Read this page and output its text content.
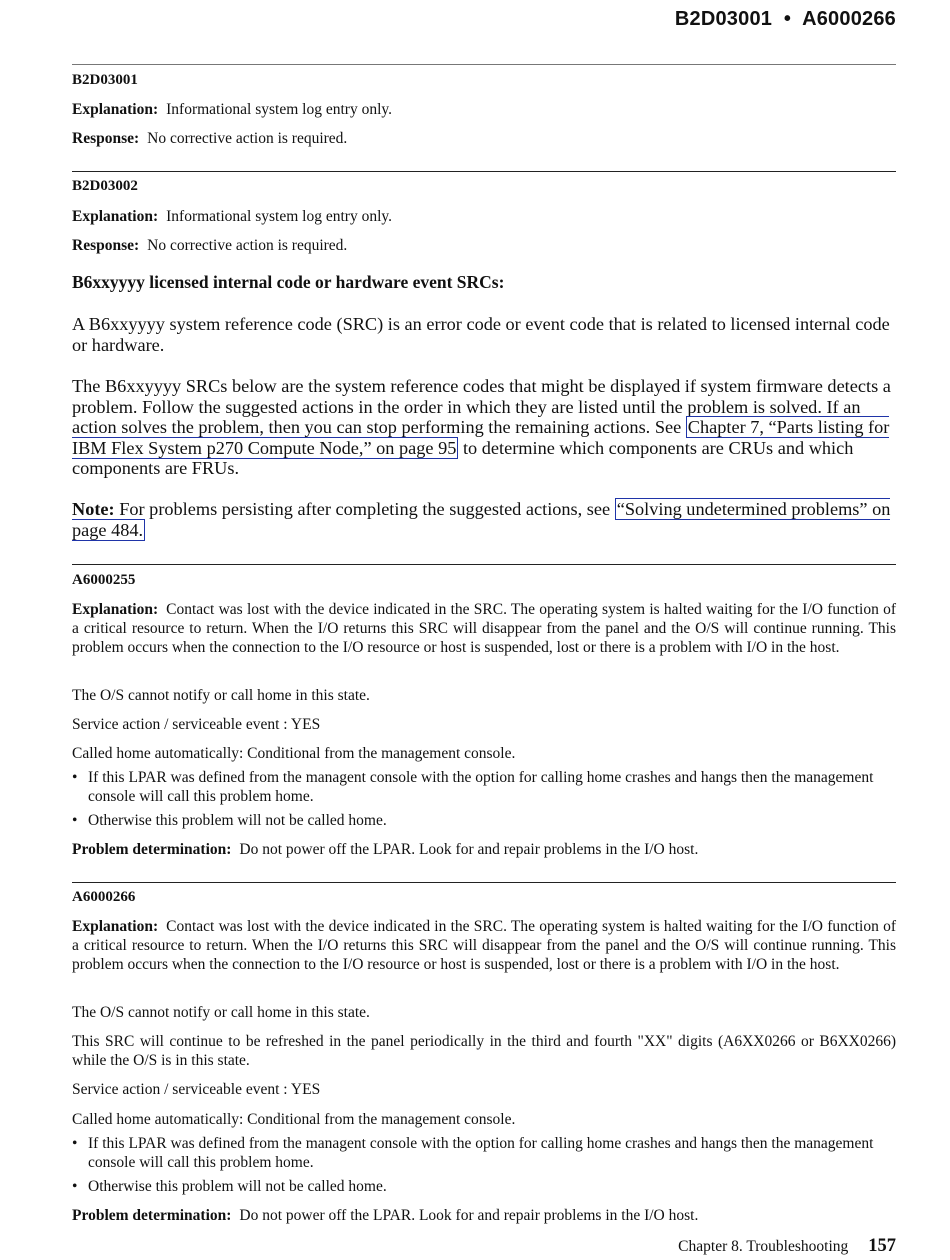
B2D03001 • A6000266
B2D03001
Explanation: Informational system log entry only.
Response: No corrective action is required.
B2D03002
Explanation: Informational system log entry only.
Response: No corrective action is required.
B6xxyyyy licensed internal code or hardware event SRCs:
A B6xxyyyy system reference code (SRC) is an error code or event code that is related to licensed internal code or hardware.
The B6xxyyyy SRCs below are the system reference codes that might be displayed if system firmware detects a problem. Follow the suggested actions in the order in which they are listed until the problem is solved. If an action solves the problem, then you can stop performing the remaining actions. See Chapter 7, “Parts listing for IBM Flex System p270 Compute Node,” on page 95 to determine which components are CRUs and which components are FRUs.
Note: For problems persisting after completing the suggested actions, see “Solving undetermined problems” on page 484.
A6000255
Explanation: Contact was lost with the device indicated in the SRC. The operating system is halted waiting for the I/O function of a critical resource to return. When the I/O returns this SRC will disappear from the panel and the O/S will continue running. This problem occurs when the connection to the I/O resource or host is suspended, lost or there is a problem with I/O in the host.
The O/S cannot notify or call home in this state.
Service action / serviceable event : YES
Called home automatically: Conditional from the management console.
• If this LPAR was defined from the managent console with the option for calling home crashes and hangs then the management console will call this problem home.
• Otherwise this problem will not be called home.
Problem determination: Do not power off the LPAR. Look for and repair problems in the I/O host.
A6000266
Explanation: Contact was lost with the device indicated in the SRC. The operating system is halted waiting for the I/O function of a critical resource to return. When the I/O returns this SRC will disappear from the panel and the O/S will continue running. This problem occurs when the connection to the I/O resource or host is suspended, lost or there is a problem with I/O in the host.
The O/S cannot notify or call home in this state.
This SRC will continue to be refreshed in the panel periodically in the third and fourth "XX" digits (A6XX0266 or B6XX0266) while the O/S is in this state.
Service action / serviceable event : YES
Called home automatically: Conditional from the management console.
• If this LPAR was defined from the managent console with the option for calling home crashes and hangs then the management console will call this problem home.
• Otherwise this problem will not be called home.
Problem determination: Do not power off the LPAR. Look for and repair problems in the I/O host.
Chapter 8. Troubleshooting 157
